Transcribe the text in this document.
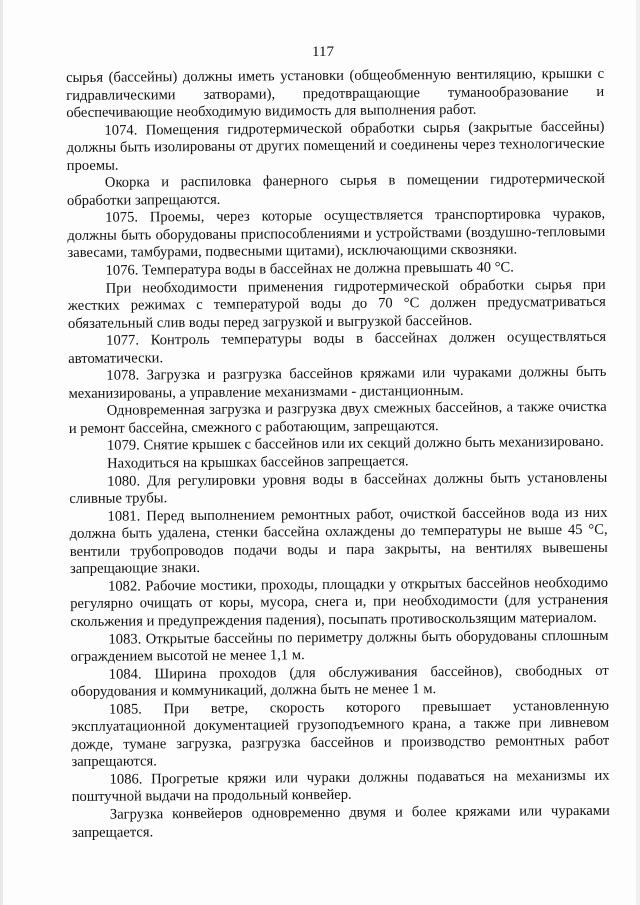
117

сырья (бассейны) должны иметь установки (общеобменную вентиляцию, крышки с гидравлическими затворами), предотвращающие туманообразование и обеспечивающие необходимую видимость для выполнения работ.

1074. Помещения гидротермической обработки сырья (закрытые бассейны) должны быть изолированы от других помещений и соединены через технологические проемы.

Окорка и распиловка фанерного сырья в помещении гидротермической обработки запрещаются.

1075. Проемы, через которые осуществляется транспортировка чураков, должны быть оборудованы приспособлениями и устройствами (воздушно-тепловыми завесами, тамбурами, подвесными щитами), исключающими сквозняки.

1076. Температура воды в бассейнах не должна превышать 40 °С.

При необходимости применения гидротермической обработки сырья при жестких режимах с температурой воды до 70 °С должен предусматриваться обязательный слив воды перед загрузкой и выгрузкой бассейнов.

1077. Контроль температуры воды в бассейнах должен осуществляться автоматически.

1078. Загрузка и разгрузка бассейнов кряжами или чураками должны быть механизированы, а управление механизмами - дистанционным.

Одновременная загрузка и разгрузка двух смежных бассейнов, а также очистка и ремонт бассейна, смежного с работающим, запрещаются.

1079. Снятие крышек с бассейнов или их секций должно быть механизировано.

Находиться на крышках бассейнов запрещается.

1080. Для регулировки уровня воды в бассейнах должны быть установлены сливные трубы.

1081. Перед выполнением ремонтных работ, очисткой бассейнов вода из них должна быть удалена, стенки бассейна охлаждены до температуры не выше 45 °С, вентили трубопроводов подачи воды и пара закрыты, на вентилях вывешены запрещающие знаки.

1082. Рабочие мостики, проходы, площадки у открытых бассейнов необходимо регулярно очищать от коры, мусора, снега и, при необходимости (для устранения скольжения и предупреждения падения), посыпать противоскользящим материалом.

1083. Открытые бассейны по периметру должны быть оборудованы сплошным ограждением высотой не менее 1,1 м.

1084. Ширина проходов (для обслуживания бассейнов), свободных от оборудования и коммуникаций, должна быть не менее 1 м.

1085. При ветре, скорость которого превышает установленную эксплуатационной документацией грузоподъемного крана, а также при ливневом дожде, тумане загрузка, разгрузка бассейнов и производство ремонтных работ запрещаются.

1086. Прогретые кряжи или чураки должны подаваться на механизмы их поштучной выдачи на продольный конвейер.

Загрузка конвейеров одновременно двумя и более кряжами или чураками запрещается.
